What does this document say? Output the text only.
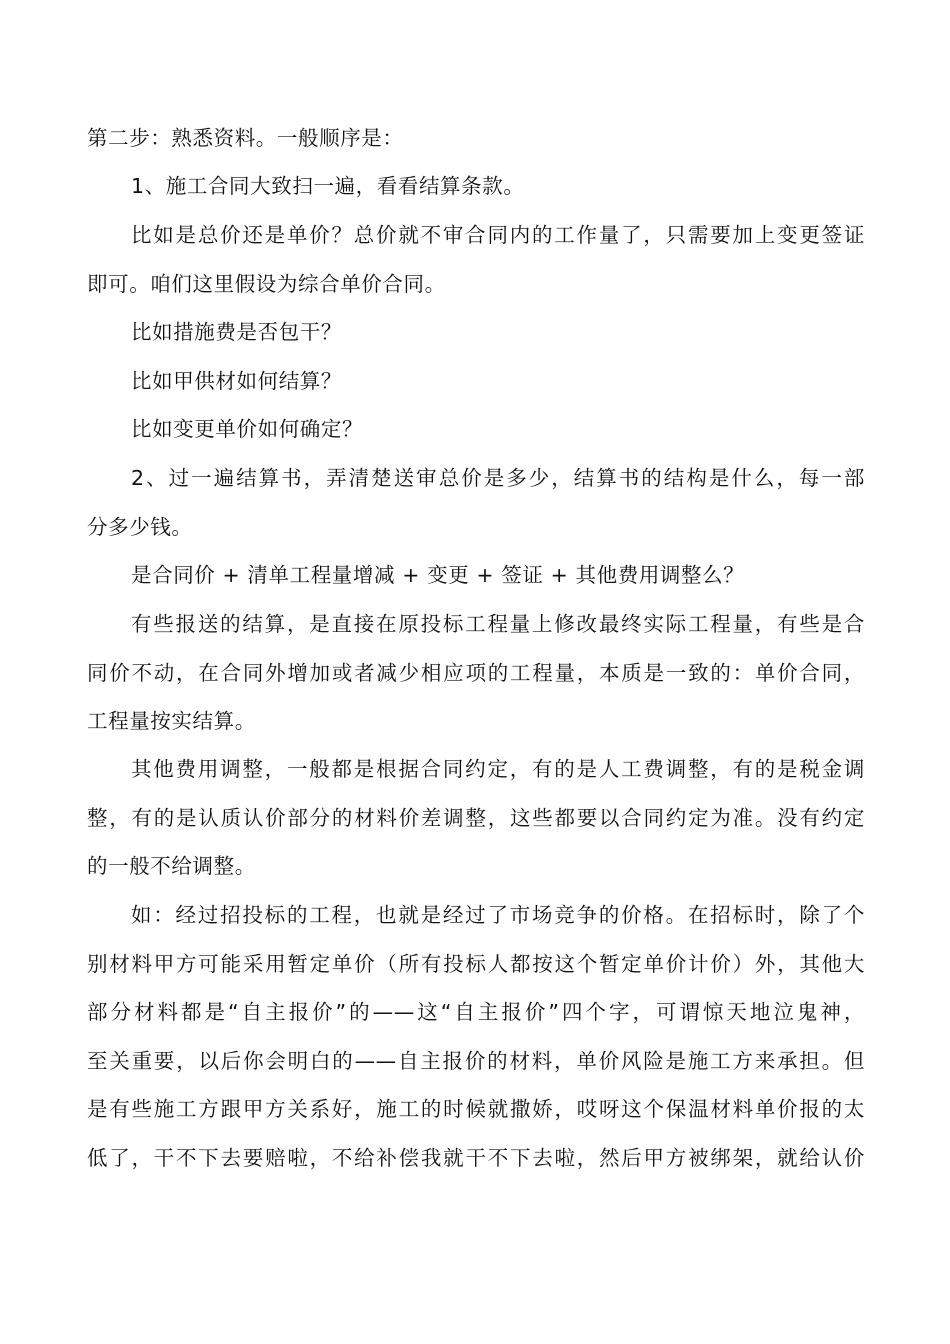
第二步：熟悉资料。一般顺序是：
1、施工合同大致扫一遍，看看结算条款。
比如是总价还是单价？总价就不审合同内的工作量了，只需要加上变更签证
即可。咱们这里假设为综合单价合同。
比如措施费是否包干？
比如甲供材如何结算？
比如变更单价如何确定？
2、过一遍结算书，弄清楚送审总价是多少，结算书的结构是什么，每一部
分多少钱。
是合同价 + 清单工程量增减 + 变更 + 签证 + 其他费用调整么？
有些报送的结算，是直接在原投标工程量上修改最终实际工程量，有些是合
同价不动，在合同外增加或者减少相应项的工程量，本质是一致的：单价合同，
工程量按实结算。
其他费用调整，一般都是根据合同约定，有的是人工费调整，有的是税金调
整，有的是认质认价部分的材料价差调整，这些都要以合同约定为准。没有约定
的一般不给调整。
如：经过招投标的工程，也就是经过了市场竞争的价格。在招标时，除了个
别材料甲方可能采用暂定单价（所有投标人都按这个暂定单价计价）外，其他大
部分材料都是“自主报价”的——这“自主报价”四个字，可谓惊天地泣鬼神，
至关重要，以后你会明白的——自主报价的材料，单价风险是施工方来承担。但
是有些施工方跟甲方关系好，施工的时候就撒娇，哎呀这个保温材料单价报的太
低了，干不下去要赔啦，不给补偿我就干不下去啦，然后甲方被绑架，就给认价
